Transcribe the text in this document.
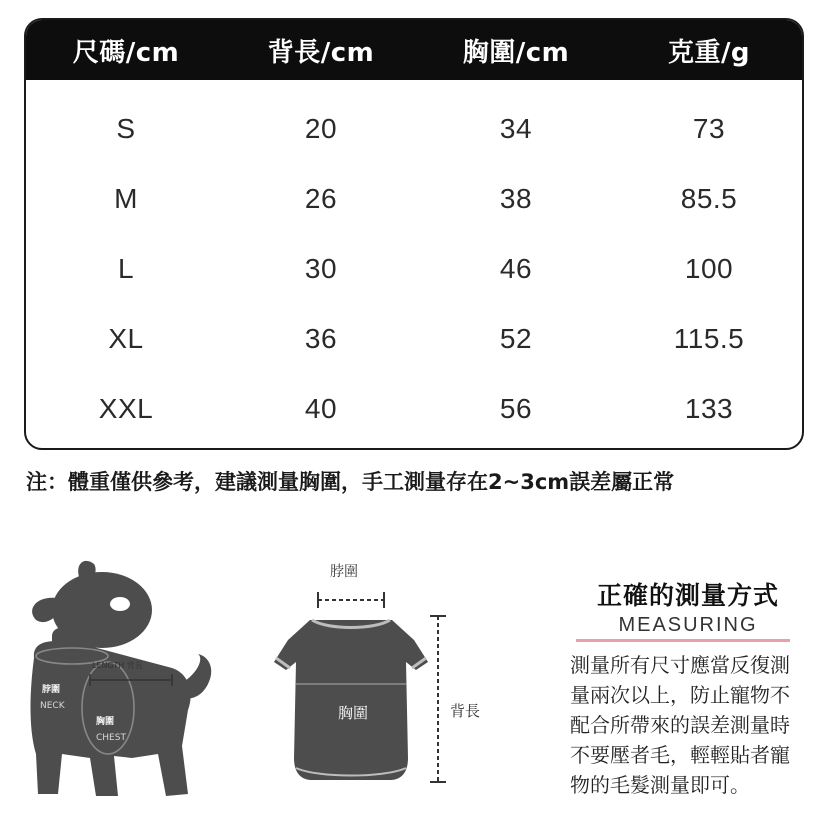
尺碼/cm	背長/cm	胸圍/cm	克重/g
S	20	34	73
M	26	38	85.5
L	30	46	100
XL	36	52	115.5
XXL	40	56	133
注：體重僅供參考，建議測量胸圍，手工測量存在2~3cm誤差屬正常
LENGTH 背長
脖圍
NECK
胸圍
CHEST
脖圍
胸圍	背長
正確的測量方式
MEASURING
測量所有尺寸應當反復測量兩次以上，防止寵物不配合所帶來的誤差測量時不要壓者毛，輕輕貼者寵物的毛髮測量即可。
